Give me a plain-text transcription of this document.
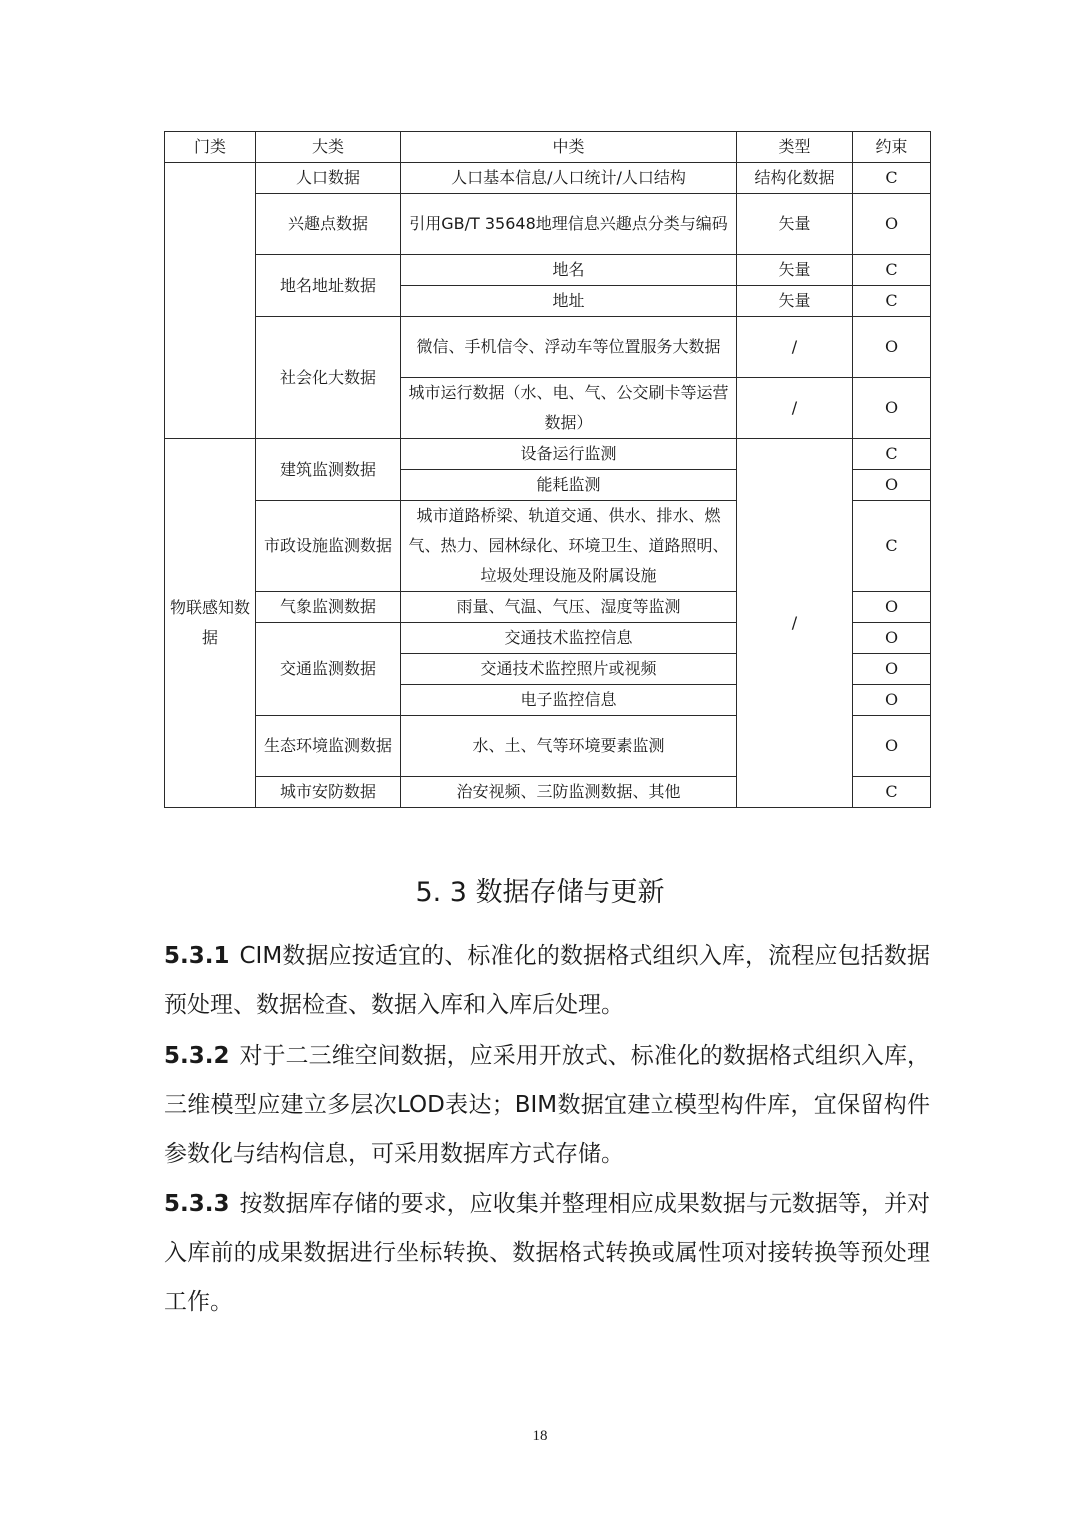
门类	大类	中类	类型	约束
	人口数据	人口基本信息/人口统计/人口结构	结构化数据	C
	兴趣点数据	引用GB/T 35648地理信息兴趣点分类与编码	矢量	O
	地名地址数据	地名	矢量	C
		地址	矢量	C
	社会化大数据	微信、手机信令、浮动车等位置服务大数据	/	O
		城市运行数据（水、电、气、公交刷卡等运营数据）	/	O
物联感知数据	建筑监测数据	设备运行监测	/	C
		能耗监测		O
	市政设施监测数据	城市道路桥梁、轨道交通、供水、排水、燃气、热力、园林绿化、环境卫生、道路照明、垃圾处理设施及附属设施		C
	气象监测数据	雨量、气温、气压、湿度等监测		O
	交通监测数据	交通技术监控信息		O
		交通技术监控照片或视频		O
		电子监控信息		O
	生态环境监测数据	水、土、气等环境要素监测		O
	城市安防数据	治安视频、三防监测数据、其他		C
5. 3 数据存储与更新

5.3.1 CIM数据应按适宜的、标准化的数据格式组织入库，流程应包括数据预处理、数据检查、数据入库和入库后处理。

5.3.2 对于二三维空间数据，应采用开放式、标准化的数据格式组织入库，三维模型应建立多层次LOD表达；BIM数据宜建立模型构件库，宜保留构件参数化与结构信息，可采用数据库方式存储。

5.3.3 按数据库存储的要求，应收集并整理相应成果数据与元数据等，并对入库前的成果数据进行坐标转换、数据格式转换或属性项对接转换等预处理工作。

18
